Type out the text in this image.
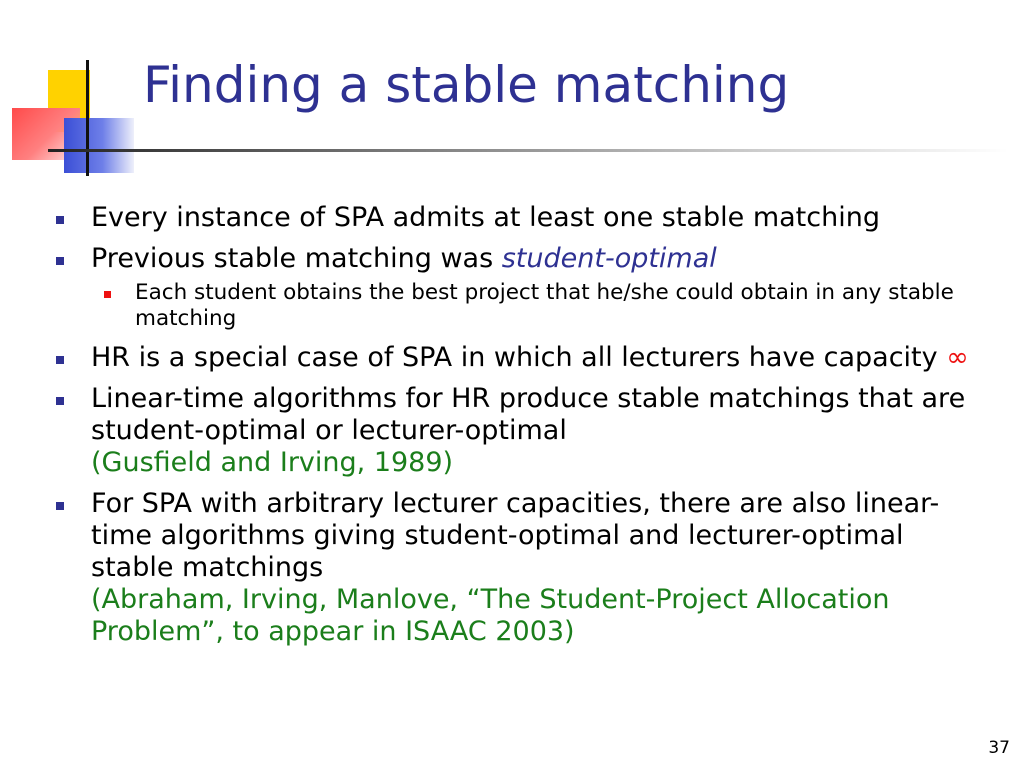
Finding a stable matching
Every instance of SPA admits at least one stable matching
Previous stable matching was student-optimal
Each student obtains the best project that he/she could obtain in any stable matching
HR is a special case of SPA in which all lecturers have capacity ∞
Linear-time algorithms for HR produce stable matchings that are student-optimal or lecturer-optimal
(Gusfield and Irving, 1989)
For SPA with arbitrary lecturer capacities, there are also linear-time algorithms giving student-optimal and lecturer-optimal stable matchings
(Abraham, Irving, Manlove, “The Student-Project Allocation Problem”, to appear in ISAAC 2003)
37
